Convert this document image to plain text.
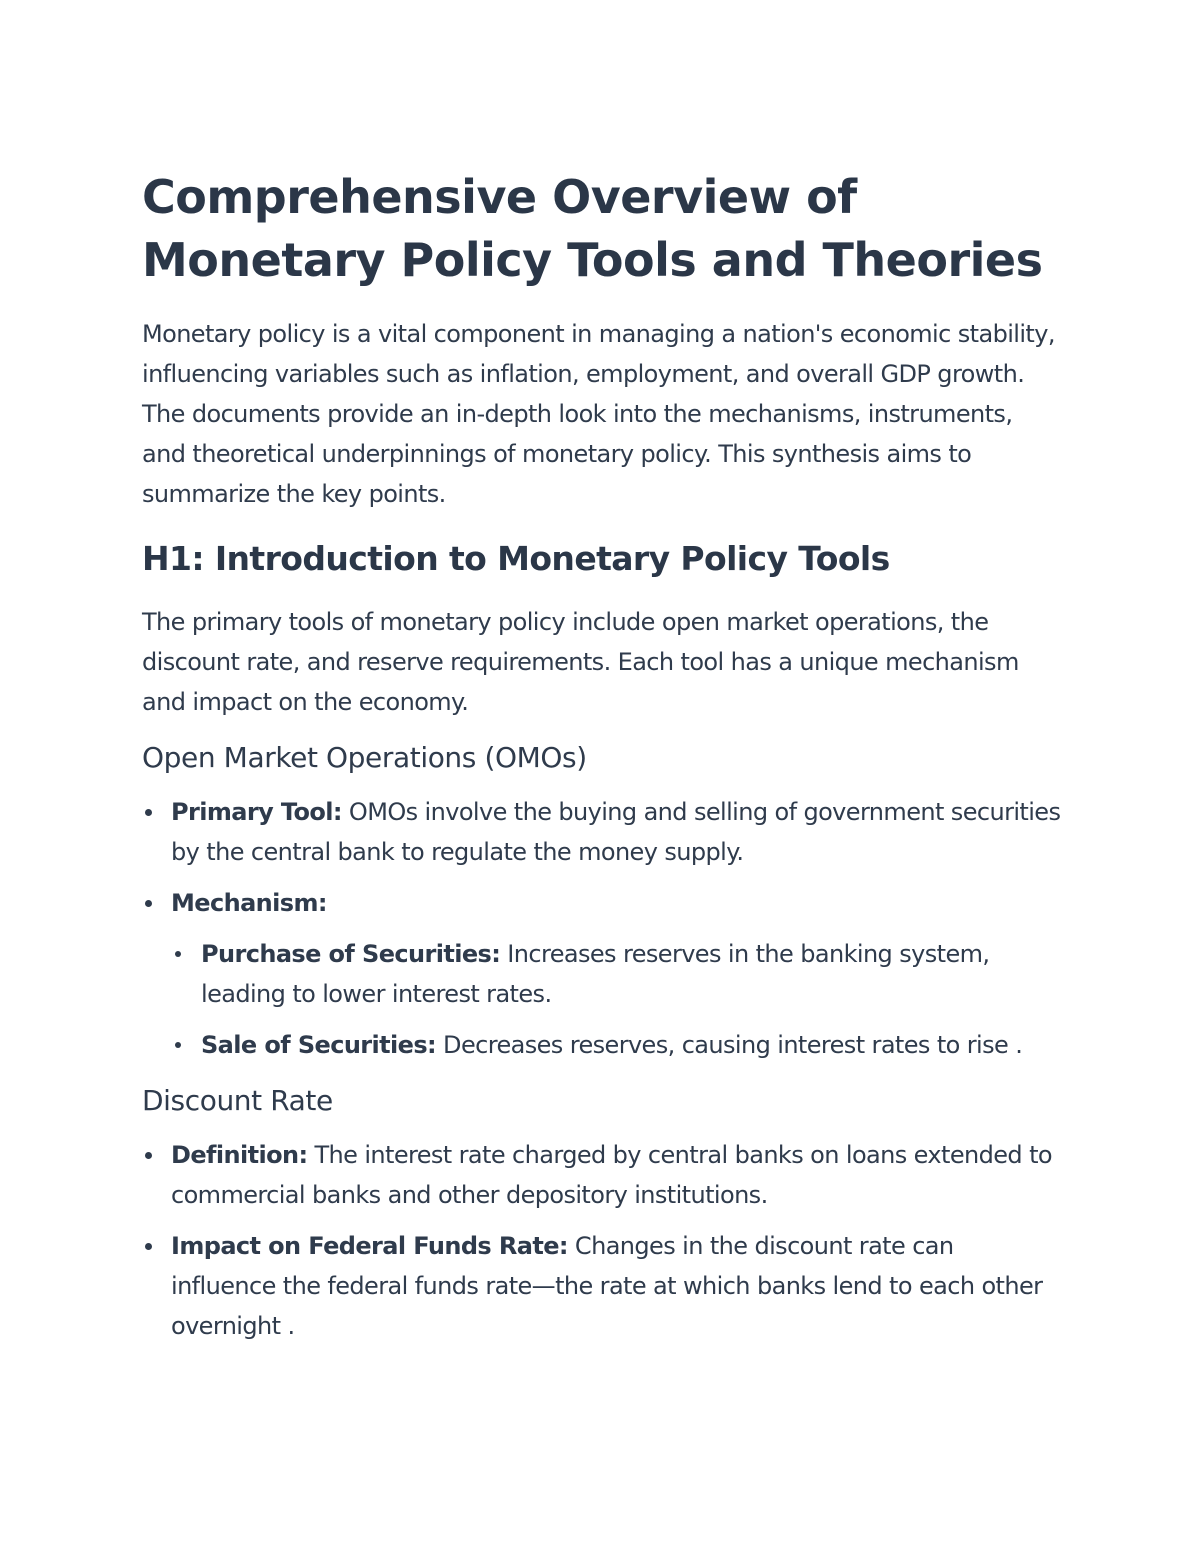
Comprehensive Overview of Monetary Policy Tools and Theories

Monetary policy is a vital component in managing a nation's economic stability, influencing variables such as inflation, employment, and overall GDP growth. The documents provide an in-depth look into the mechanisms, instruments, and theoretical underpinnings of monetary policy. This synthesis aims to summarize the key points.

H1: Introduction to Monetary Policy Tools

The primary tools of monetary policy include open market operations, the discount rate, and reserve requirements. Each tool has a unique mechanism and impact on the economy.

Open Market Operations (OMOs)
Primary Tool: OMOs involve the buying and selling of government securities by the central bank to regulate the money supply.
Mechanism:
Purchase of Securities: Increases reserves in the banking system, leading to lower interest rates.
Sale of Securities: Decreases reserves, causing interest rates to rise .
Discount Rate
Definition: The interest rate charged by central banks on loans extended to commercial banks and other depository institutions.
Impact on Federal Funds Rate: Changes in the discount rate can influence the federal funds rate—the rate at which banks lend to each other overnight .
